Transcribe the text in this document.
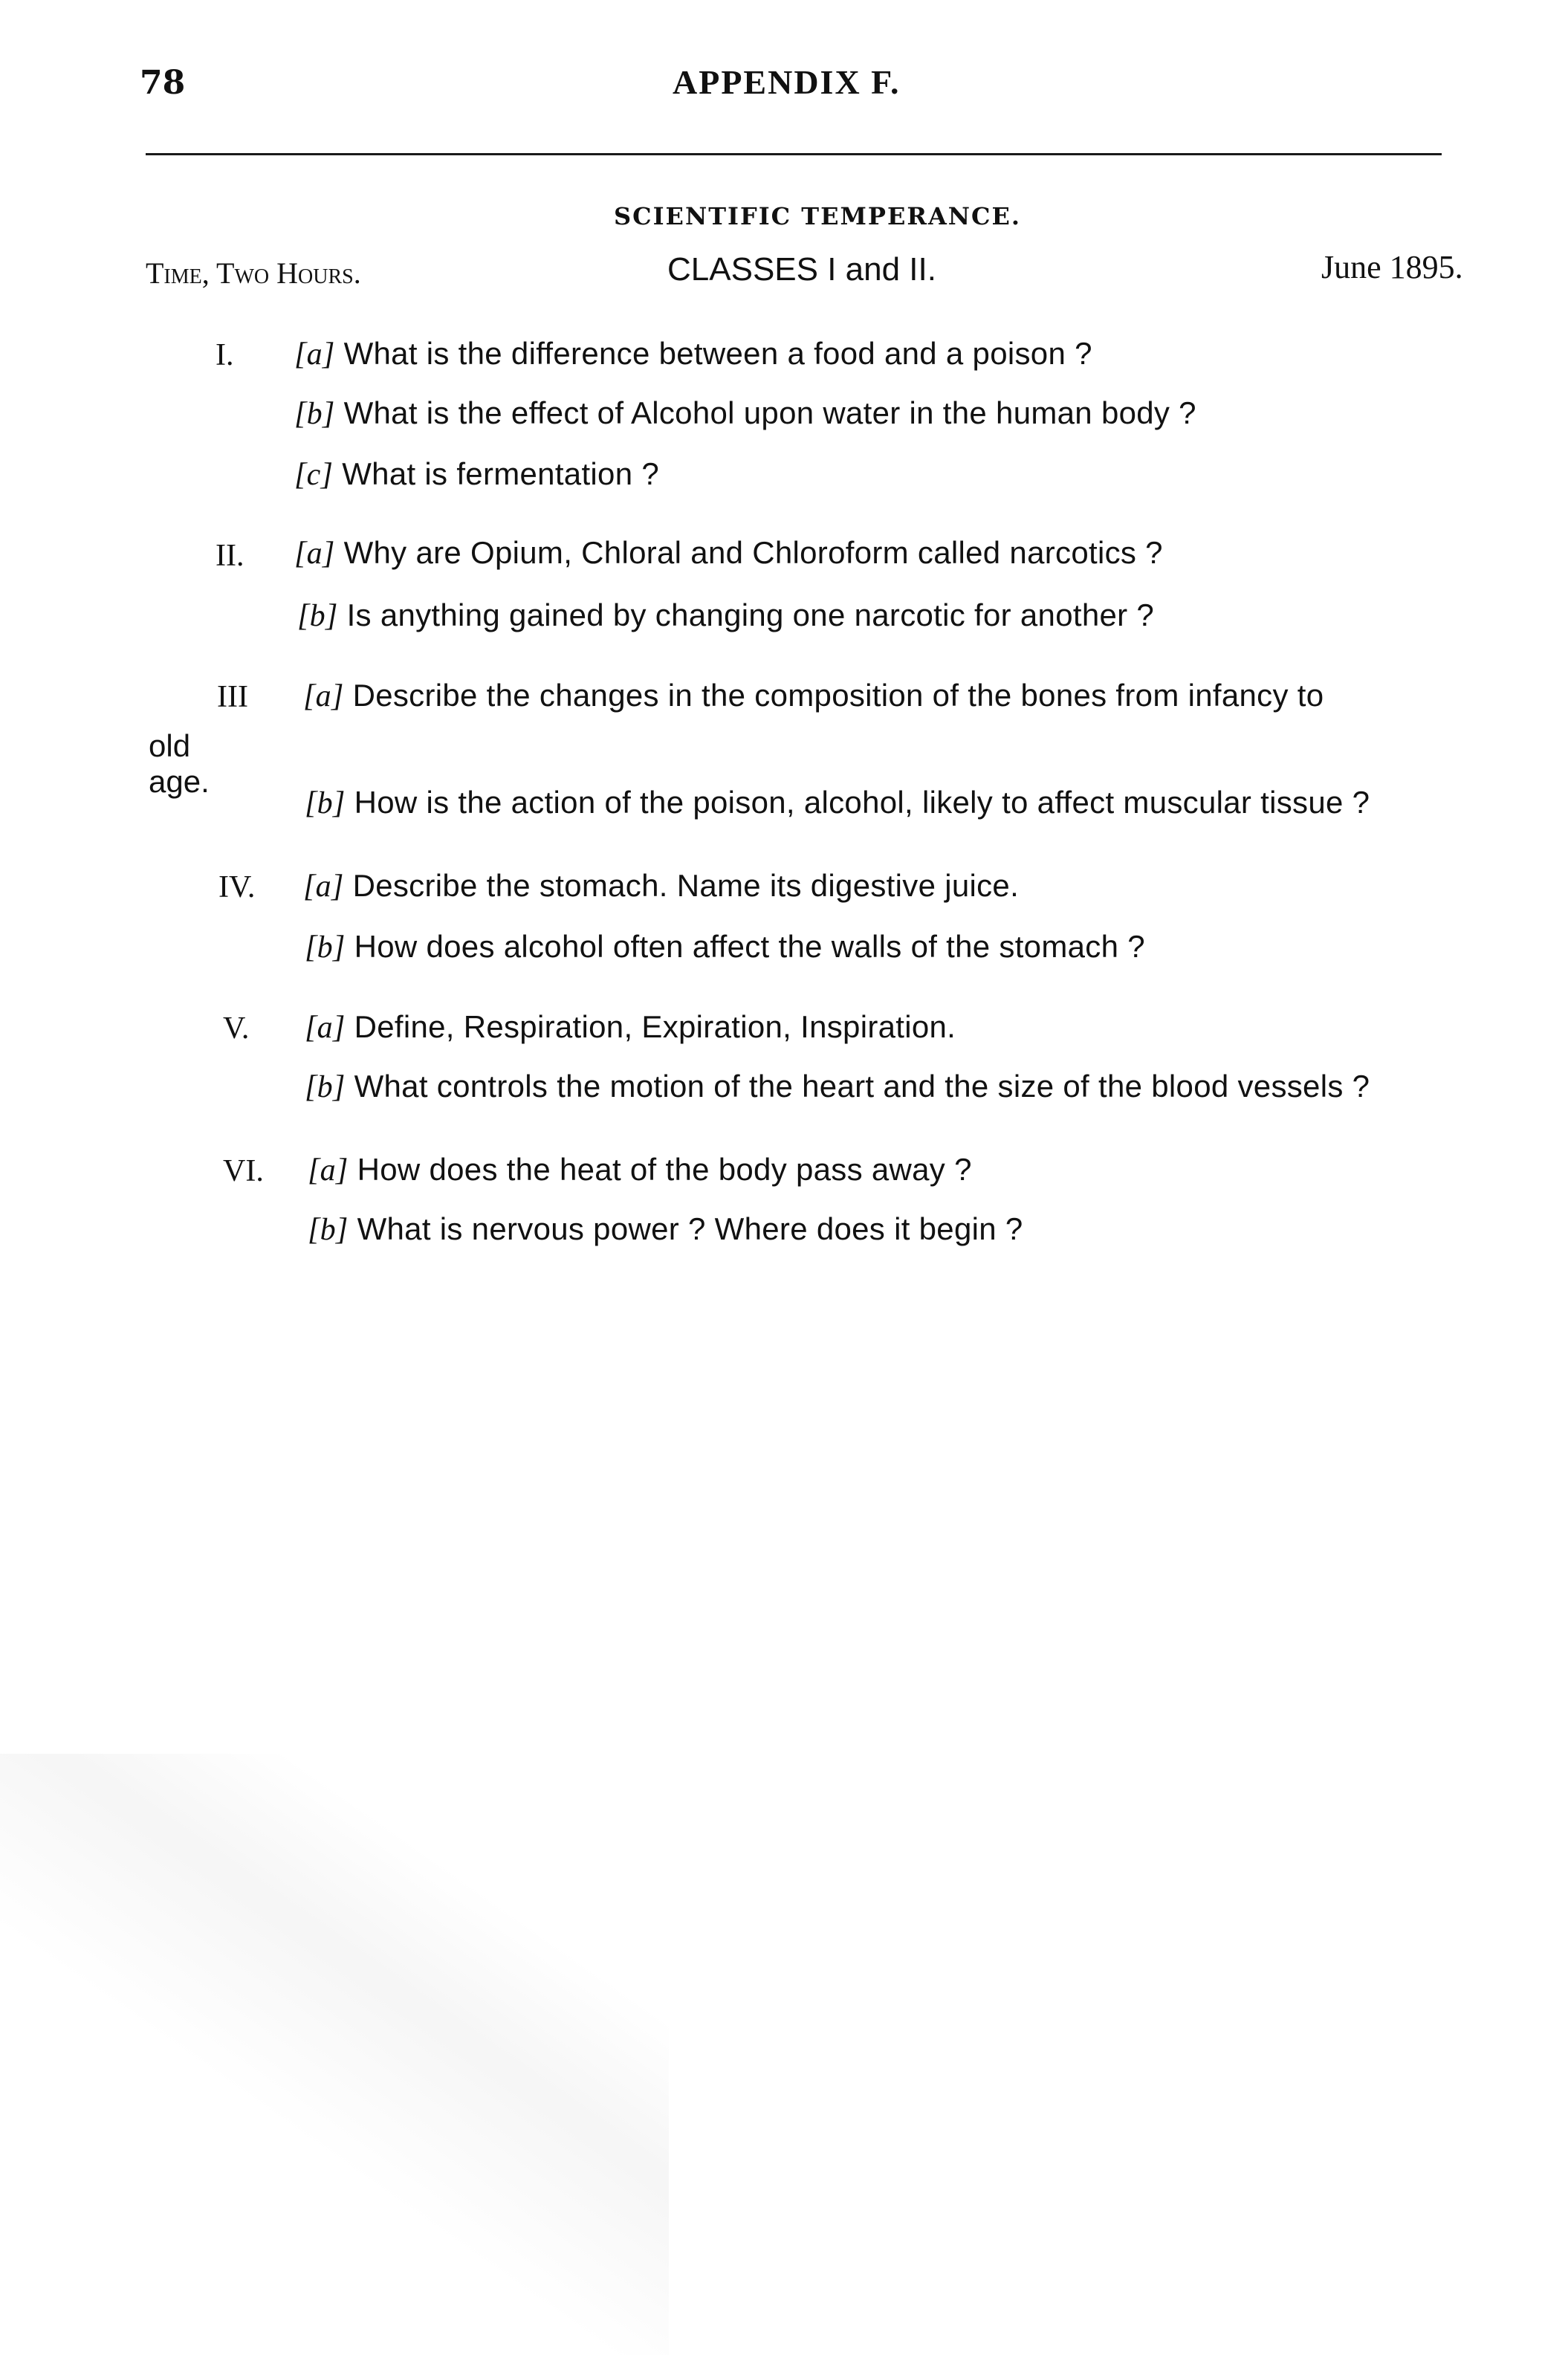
78	APPENDIX F.
SCIENTIFIC TEMPERANCE.
Time, Two Hours.	CLASSES I and II.	June 1895.
I. [a] What is the difference between a food and a poison ?
[b] What is the effect of Alcohol upon water in the human body ?
[c] What is fermentation ?
II. [a] Why are Opium, Chloral and Chloroform called narcotics ?
[b] Is anything gained by changing one narcotic for another ?
III [a] Describe the changes in the composition of the bones from infancy to
old age.
[b] How is the action of the poison, alcohol, likely to affect muscular tissue ?
IV. [a] Describe the stomach. Name its digestive juice.
[b] How does alcohol often affect the walls of the stomach ?
V. [a] Define, Respiration, Expiration, Inspiration.
[b] What controls the motion of the heart and the size of the blood vessels ?
VI. [a] How does the heat of the body pass away ?
[b] What is nervous power ? Where does it begin ?
